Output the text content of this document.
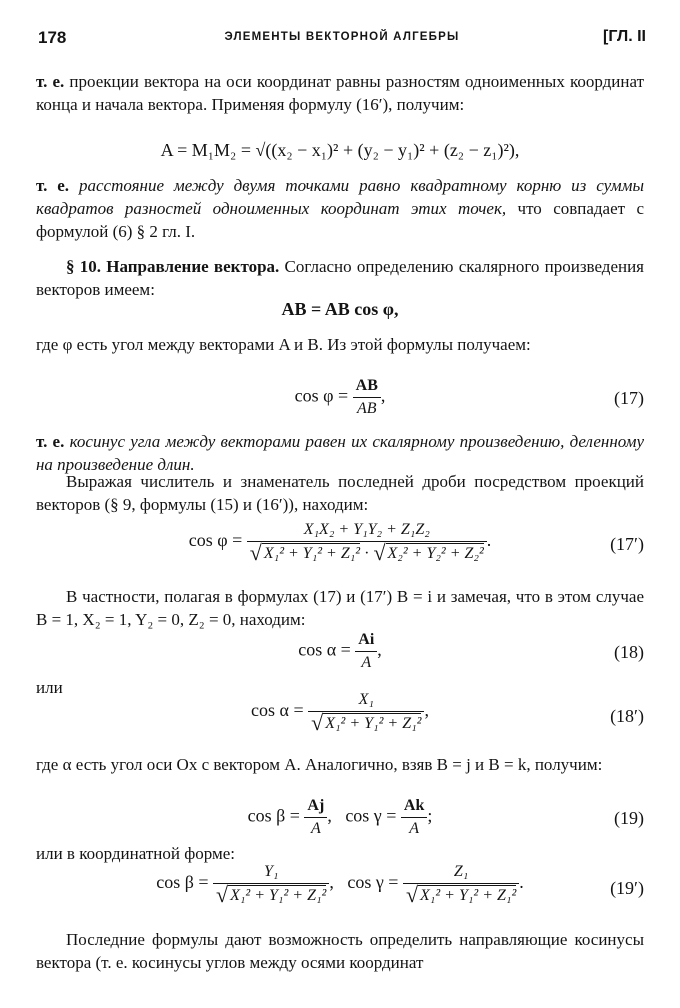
178	ЭЛЕМЕНТЫ ВЕКТОРНОЙ АЛГЕБРЫ	[ГЛ. II

т. е. проекции вектора на оси координат равны разностям одноименных координат конца и начала вектора. Применяя формулу (16′), получим:

A = M₁M₂ = √((x₂ − x₁)² + (y₂ − y₁)² + (z₂ − z₁)²),

т. е. расстояние между двумя точками равно квадратному корню из суммы квадратов разностей одноименных координат этих точек, что совпадает с формулой (6) § 2 гл. I.

§ 10. Направление вектора. Согласно определению скалярного произведения векторов имеем:

AB = AB cos φ,

где φ есть угол между векторами A и B. Из этой формулы получаем:

$\cos \varphi = \frac{AB}{AB}$ ,	(17)

т. е. косинус угла между векторами равен их скалярному произведению, деленному на произведение длин.

Выражая числитель и знаменатель последней дроби посредством проекций векторов (§ 9, формулы (15) и (16′)), находим:

$\cos \varphi = \frac{\text{X₁X₂ + Y₁Y₂ + Z₁Z₂}}{\text{√ X₁² + Y₁² + Z₁² · √ X₂² + Y₂² + Z₂²}}$ .	(17′)

В частности, полагая в формулах (17) и (17′) B = i и замечая, что в этом случае B = 1, X₂ = 1, Y₂ = 0, Z₂ = 0, находим:

$\cos \alpha = \frac{Ai}{A}$ ,	(18)

или

$\cos \alpha = \frac{\text{X₁}}{\text{√ X₁² + Y₁² + Z₁²}}$ ,	(18′)

где α есть угол оси Ox с вектором A. Аналогично, взяв B = j и B = k, получим:

$\cos \beta = \frac{Aj}{A}$ , $\cos \gamma = \frac{Ak}{A}$ ;	(19)

или в координатной форме:

$\cos \beta = \frac{\text{Y₁}}{\text{√ X₁² + Y₁² + Z₁²}}$ , $\cos \gamma = \frac{\text{Z₁}}{\text{√ X₁² + Y₁² + Z₁²}}$ .	(19′)

Последние формулы дают возможность определить направляющие косинусы вектора (т. е. косинусы углов между осями координат
